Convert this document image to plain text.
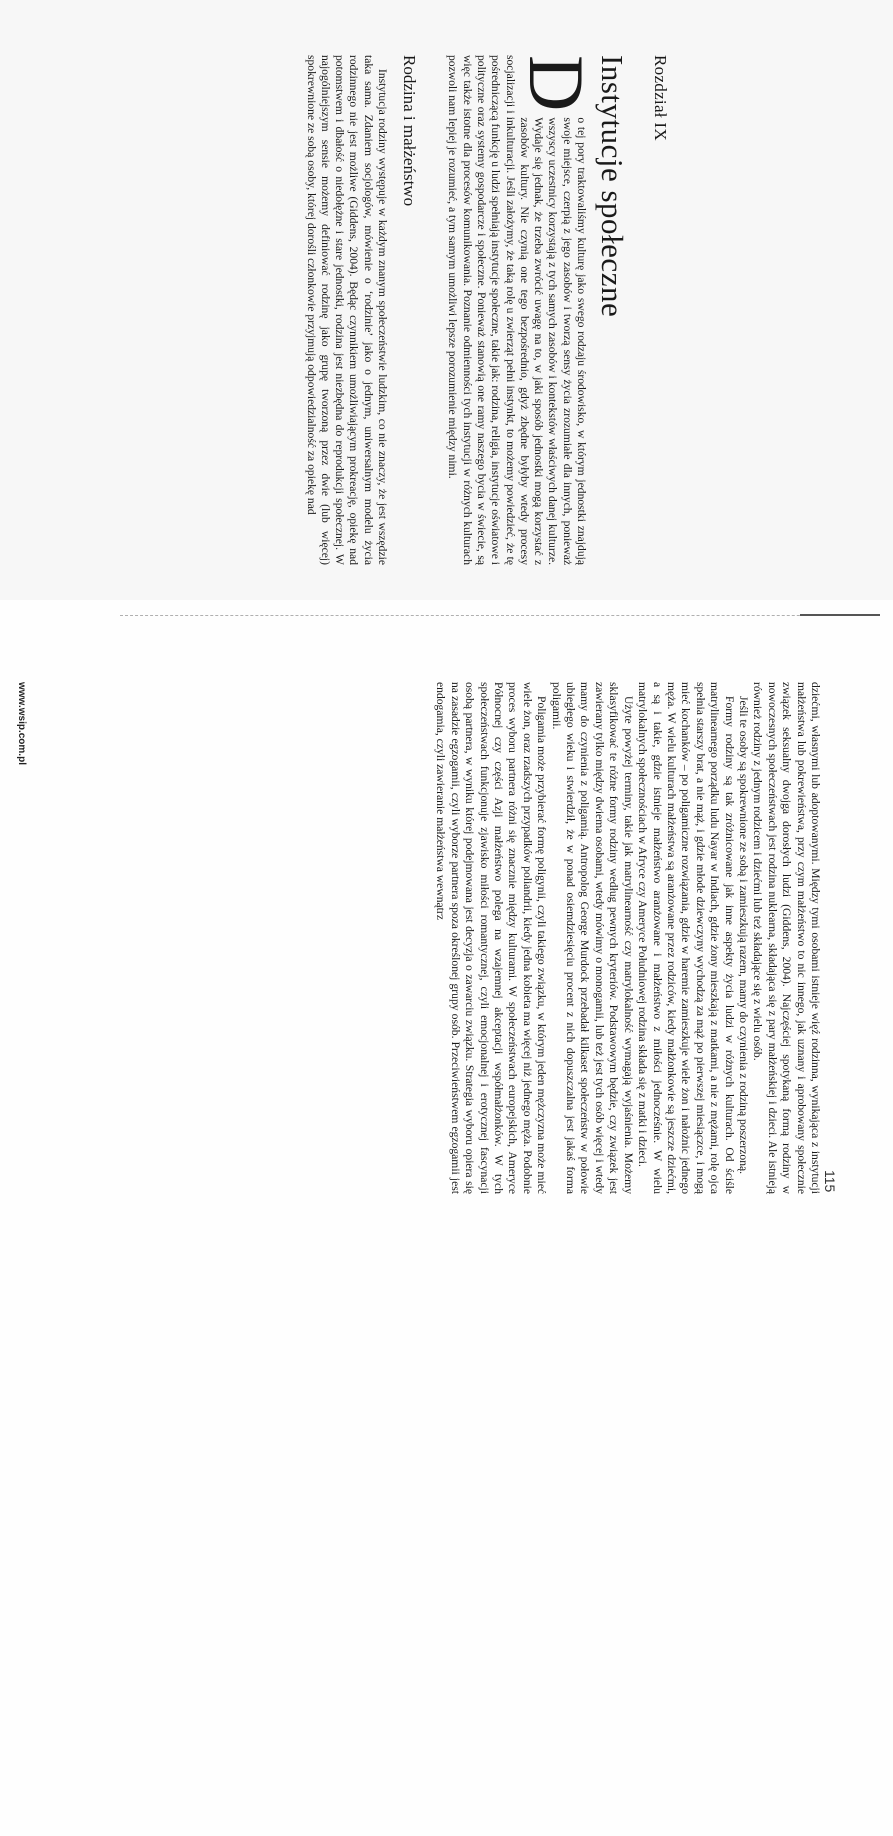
Rozdział IX
Instytucje społeczne

D
o tej pory traktowaliśmy kulturę jako swego rodzaju środowisko, w którym jednostki znajdują swoje miejsce, czerpią z jego zasobów i tworzą sensy życia zrozumiałe dla innych, ponieważ wszyscy uczestnicy korzystają z tych samych zasobów i kontekstów właściwych danej kulturze. Wydaje się jednak, że trzeba zwrócić uwagę na to, w jaki sposób jednostki mogą korzystać z zasobów kultury. Nie czynią one tego bezpośrednio, gdyż zbędne byłyby wtedy procesy socjalizacji i inkulturacji. Jeśli założymy, że taką rolę u zwierząt pełni instynkt, to możemy powiedzieć, że tę pośredniczącą funkcję u ludzi spełniają instytucje społeczne, takie jak: rodzina, religia, instytucje oświatowe i polityczne oraz systemy gospodarcze i społeczne. Ponieważ stanowią one ramy naszego bycia w świecie, są więc także istotne dla procesów komunikowania. Poznanie odmienności tych instytucji w różnych kulturach pozwoli nam lepiej je rozumieć, a tym samym umożliwi lepsze porozumienie między nimi.

Rodzina i małżeństwo

Instytucja rodziny występuje w każdym znanym społeczeństwie ludzkim, co nie znaczy, że jest wszędzie taka sama. Zdaniem socjologów, mówienie o ‘rodzinie’ jako o jednym, uniwersalnym modelu życia rodzinnego nie jest możliwe (Giddens, 2004). Będąc czynnikiem umożliwiającym prokreację, opiekę nad potomstwem i dbałość o niedołężne i stare jednostki, rodzina jest niezbędna do reprodukcji społecznej. W najogólniejszym sensie możemy definiować rodzinę jako grupę tworzoną przez dwie (lub więcej) spokrewnione ze sobą osoby, której dorośli członkowie przyjmują odpowiedzialność za opiekę nad

dziećmi, własnymi lub adoptowanymi. Między tymi osobami istnieje więź rodzinna, wynikająca z instytucji małżeństwa lub pokrewieństwa, przy czym małżeństwo to nic innego, jak uznany i aprobowany społecznie związek seksualny dwojga dorosłych ludzi (Giddens, 2004). Najczęściej spotykaną formą rodziny w nowoczesnych społeczeństwach jest rodzina nuklearna, składająca się z pary małżeńskiej i dzieci. Ale istnieją również rodziny z jednym rodzicem i dziećmi lub też składające się z wielu osób.

Jeśli te osoby są spokrewnione ze sobą i zamieszkują razem, mamy do czynienia z rodziną poszerzoną.

Formy rodziny są tak zróżnicowane jak inne aspekty życia ludzi w różnych kulturach. Od ściśle matrylinearnego porządku ludu Nayar w Indiach, gdzie żony mieszkają z matkami, a nie z mężami, rolę ojca spełnia starszy brat, a nie mąż, i gdzie młode dziewczyny wychodzą za mąż po pierwszej miesiączce, i mogą mieć kochanków – po poligamiczne rozwiązania, gdzie w haremie zamieszkuje wiele żon i nałożnic jednego męża. W wielu kulturach małżeństwa są aranżowane przez rodziców, kiedy małżonkowie są jeszcze dziećmi, a są i takie, gdzie istnieje małżeństwo aranżowane i małżeństwo z miłości jednocześnie. W wielu matrylokalnych społecznościach w Afryce czy Ameryce Południowej rodzina składa się z matki i dzieci.

Użyte powyżej terminy, takie jak matrylinearność czy matrylokalność wymagają wyjaśnienia. Możemy sklasyfikować te różne formy rodziny według pewnych kryteriów. Podstawowym będzie, czy związek jest zawierany tylko między dwiema osobami, wtedy mówimy o monogamii, lub też jest tych osób więcej i wtedy mamy do czynienia z poligamią. Antropolog George Murdock przebadał kilkaset społeczeństw w połowie ubiegłego wieku i stwierdził, że w ponad osiemdziesięciu procent z nich dopuszczalna jest jakaś forma poligamii.

Poligamia może przybierać formę poligynii, czyli takiego związku, w którym jeden mężczyzna może mieć wiele żon, oraz rzadszych przypadków poliandrii, kiedy jedna kobieta ma więcej niż jednego męża. Podobnie proces wyboru partnera różni się znacznie między kulturami. W społeczeństwach europejskich, Ameryce Północnej czy części Azji małżeństwo polega na wzajemnej akceptacji współmałżonków. W tych społeczeństwach funkcjonuje zjawisko miłości romantycznej, czyli emocjonalnej i erotycznej fascynacji osobą partnera, w wyniku której podejmowana jest decyzja o zawarciu związku. Strategia wyboru opiera się na zasadzie egzogamii, czyli wyborze partnera spoza określonej grupy osób. Przeciwieństwem egzogamii jest endogamia, czyli zawieranie małżeństwa wewnątrz

www.wsip.com.pl
115
